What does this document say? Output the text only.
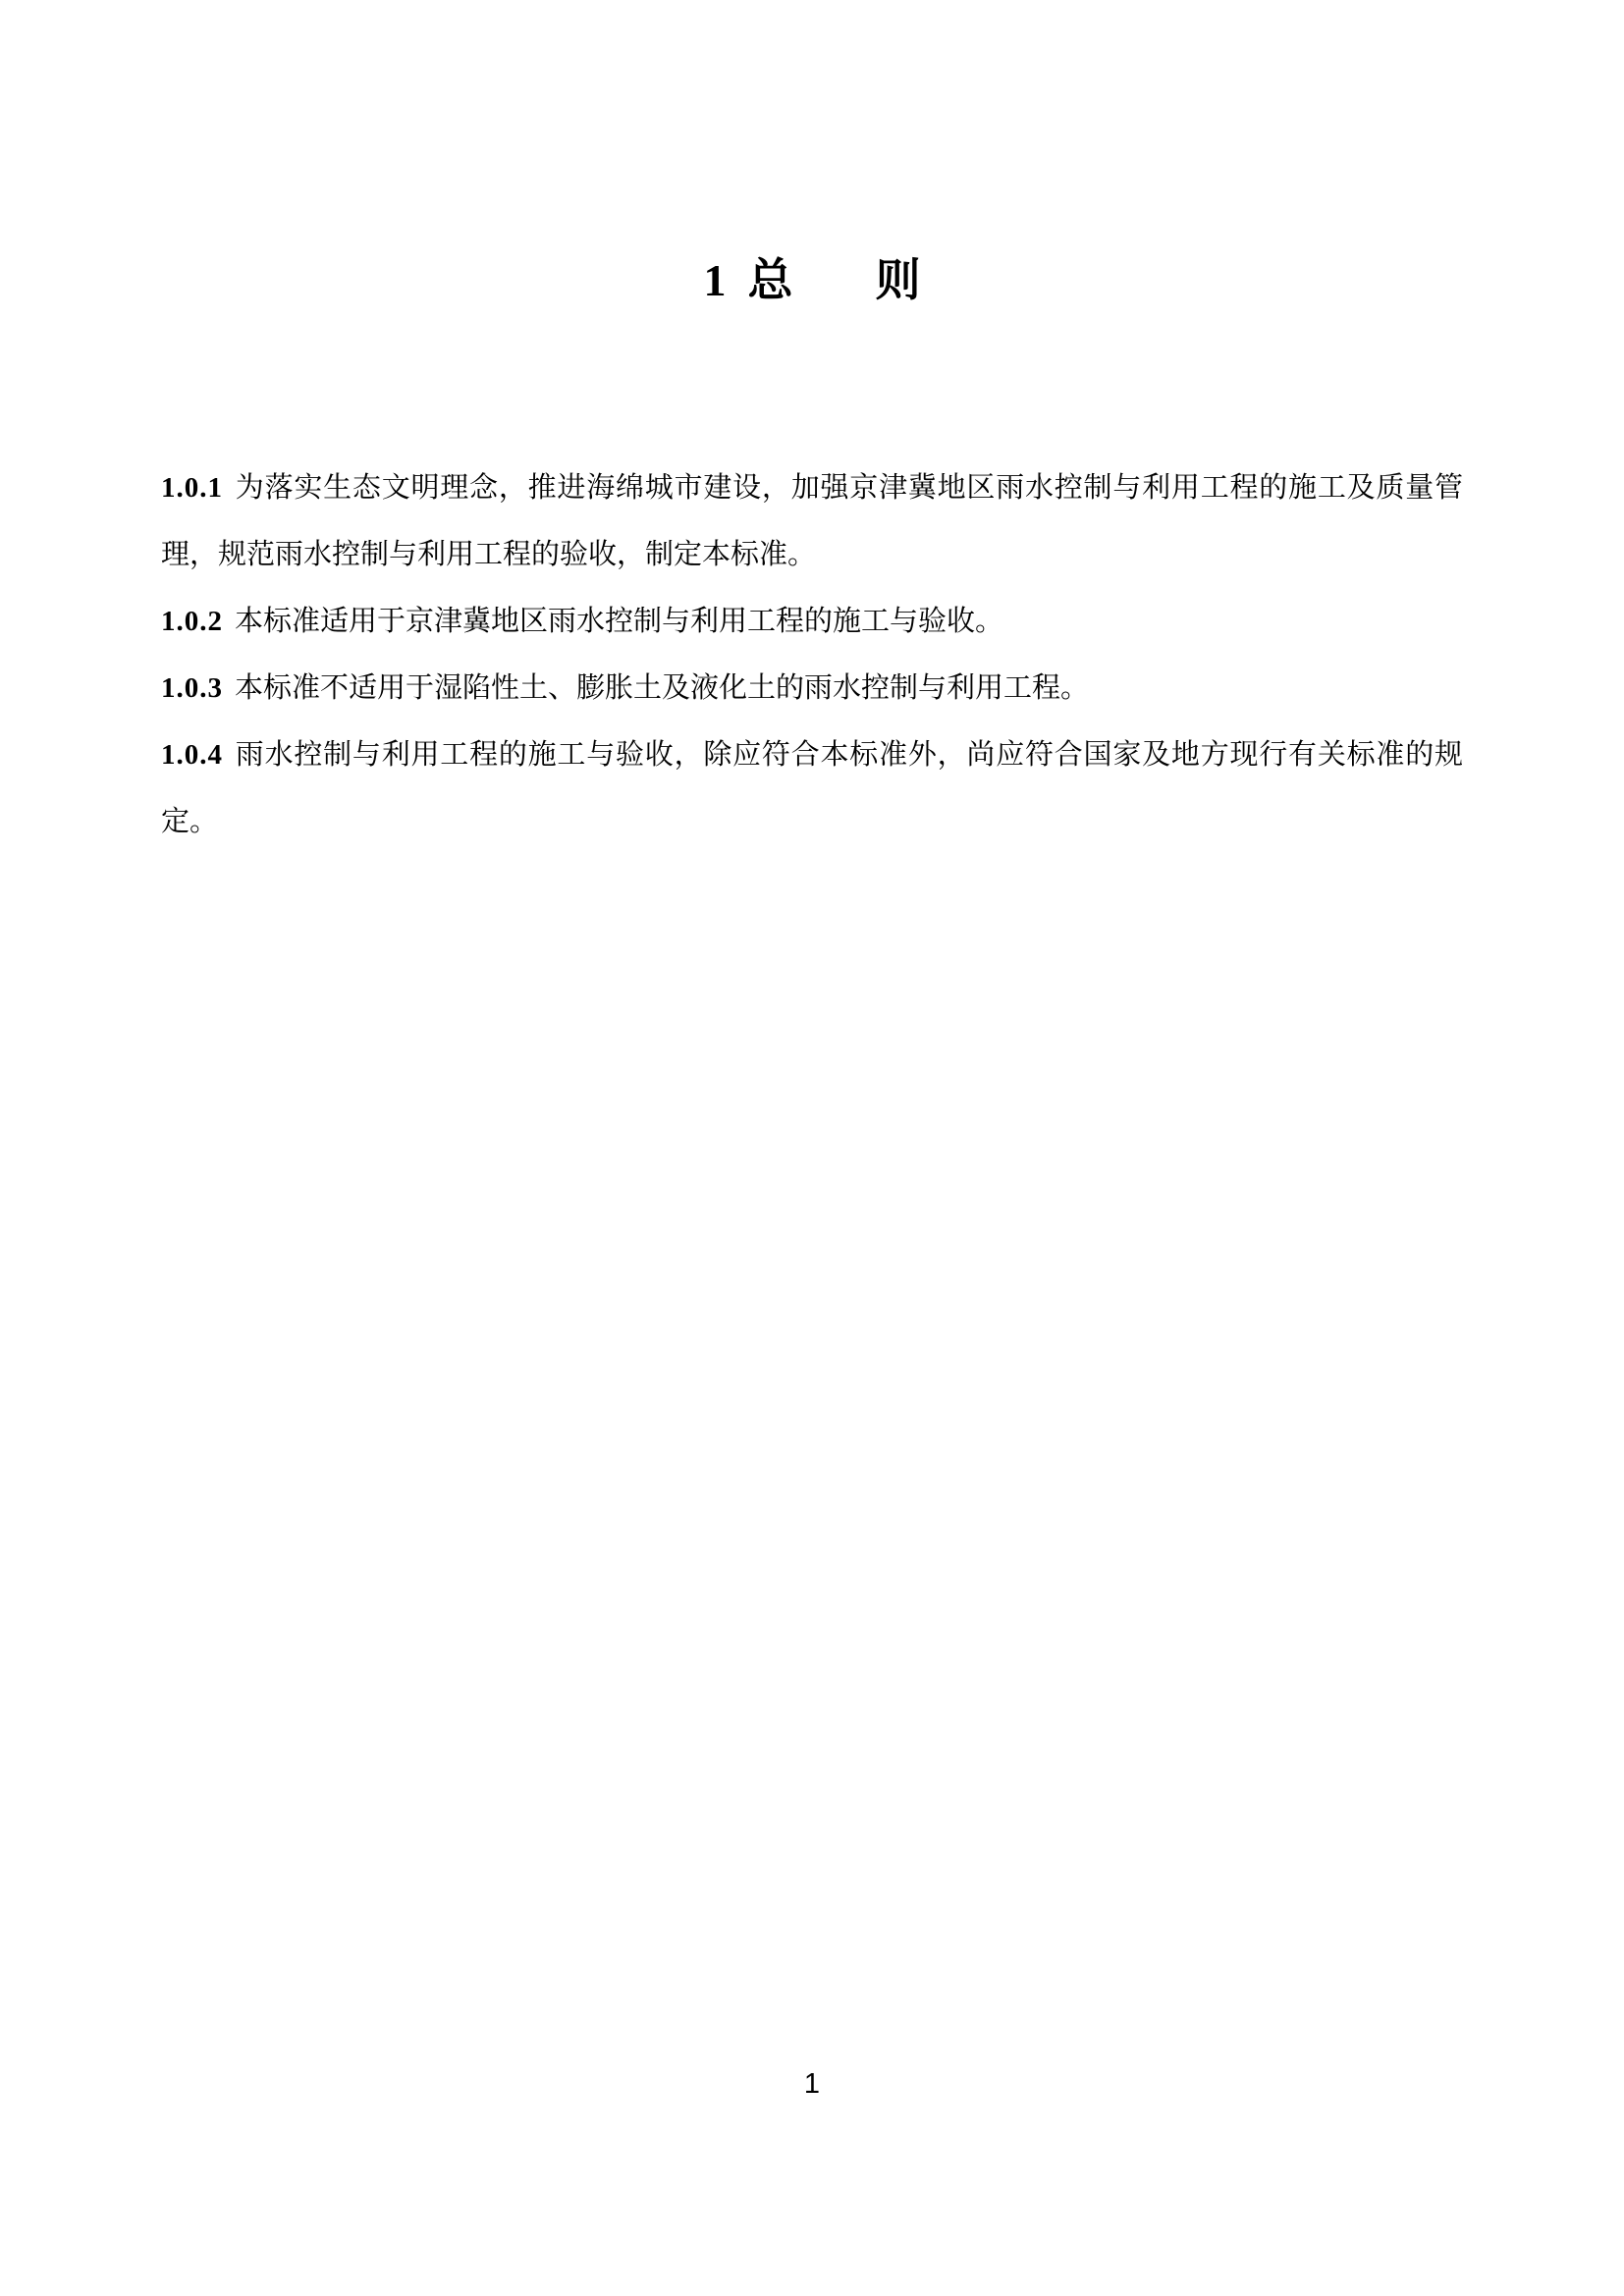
1 总 则

1.0.1 为落实生态文明理念，推进海绵城市建设，加强京津冀地区雨水控制与利用工程的施工及质量管理，规范雨水控制与利用工程的验收，制定本标准。

1.0.2 本标准适用于京津冀地区雨水控制与利用工程的施工与验收。

1.0.3 本标准不适用于湿陷性土、膨胀土及液化土的雨水控制与利用工程。

1.0.4 雨水控制与利用工程的施工与验收，除应符合本标准外，尚应符合国家及地方现行有关标准的规定。

1
